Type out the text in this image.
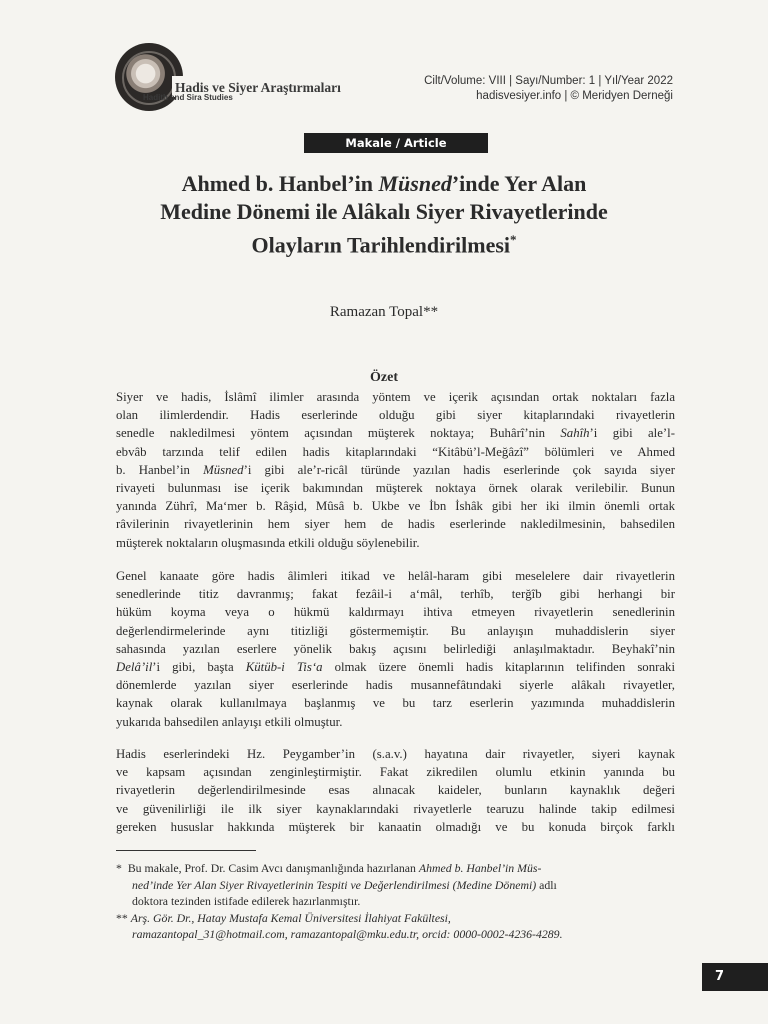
Hadis ve Siyer Araştırmaları
Hadith and Sira Studies
Cilt/Volume: VIII | Sayı/Number: 1 | Yıl/Year 2022
hadisvesiyer.info | © Meridyen Derneği
Makale / Article
Ahmed b. Hanbel’in Müsned’inde Yer Alan
Medine Dönemi ile Alâkalı Siyer Rivayetlerinde
Olayların Tarihlendirilmesi*
Ramazan Topal**
Özet
Siyer ve hadis, İslâmî ilimler arasında yöntem ve içerik açısından ortak noktaları fazla
olan ilimlerdendir. Hadis eserlerinde olduğu gibi siyer kitaplarındaki rivayetlerin
senedle nakledilmesi yöntem açısından müşterek noktaya; Buhârî’nin Sahîh’i gibi ale’l-
ebvâb tarzında telif edilen hadis kitaplarındaki “Kitâbü’l-Meğâzî” bölümleri ve Ahmed
b. Hanbel’in Müsned’i gibi ale’r-ricâl türünde yazılan hadis eserlerinde çok sayıda siyer
rivayeti bulunması ise içerik bakımından müşterek noktaya örnek olarak verilebilir. Bunun
yanında Zührî, Ma‘mer b. Râşid, Mûsâ b. Ukbe ve İbn İshâk gibi her iki ilmin önemli ortak
râvilerinin rivayetlerinin hem siyer hem de hadis eserlerinde nakledilmesinin, bahsedilen
müşterek noktaların oluşmasında etkili olduğu söylenebilir.
Genel kanaate göre hadis âlimleri itikad ve helâl-haram gibi meselelere dair rivayetlerin
senedlerinde titiz davranmış; fakat fezâil-i a‘mâl, terhîb, terğîb gibi herhangi bir
hüküm koyma veya o hükmü kaldırmayı ihtiva etmeyen rivayetlerin senedlerinin
değerlendirmelerinde aynı titizliği göstermemiştir. Bu anlayışın muhaddislerin siyer
sahasında yazılan eserlere yönelik bakış açısını belirlediği anlaşılmaktadır. Beyhakî’nin
Delâ’il’i gibi, başta Kütüb-i Tis‘a olmak üzere önemli hadis kitaplarının telifinden sonraki
dönemlerde yazılan siyer eserlerinde hadis musannefâtındaki siyerle alâkalı rivayetler,
kaynak olarak kullanılmaya başlanmış ve bu tarz eserlerin yazımında muhaddislerin
yukarıda bahsedilen anlayışı etkili olmuştur.
Hadis eserlerindeki Hz. Peygamber’in (s.a.v.) hayatına dair rivayetler, siyeri kaynak
ve kapsam açısından zenginleştirmiştir. Fakat zikredilen olumlu etkinin yanında bu
rivayetlerin değerlendirilmesinde esas alınacak kaideler, bunların kaynaklık değeri
ve güvenilirliği ile ilk siyer kaynaklarındaki rivayetlerle tearuzu halinde takip edilmesi
gereken hususlar hakkında müşterek bir kanaatin olmadığı ve bu konuda birçok farklı
* Bu makale, Prof. Dr. Casim Avcı danışmanlığında hazırlanan Ahmed b. Hanbel’in Müs-
ned’inde Yer Alan Siyer Rivayetlerinin Tespiti ve Değerlendirilmesi (Medine Dönemi) adlı
doktora tezinden istifade edilerek hazırlanmıştır.
** Arş. Gör. Dr., Hatay Mustafa Kemal Üniversitesi İlahiyat Fakültesi,
ramazantopal_31@hotmail.com, ramazantopal@mku.edu.tr, orcid: 0000-0002-4236-4289.
7
